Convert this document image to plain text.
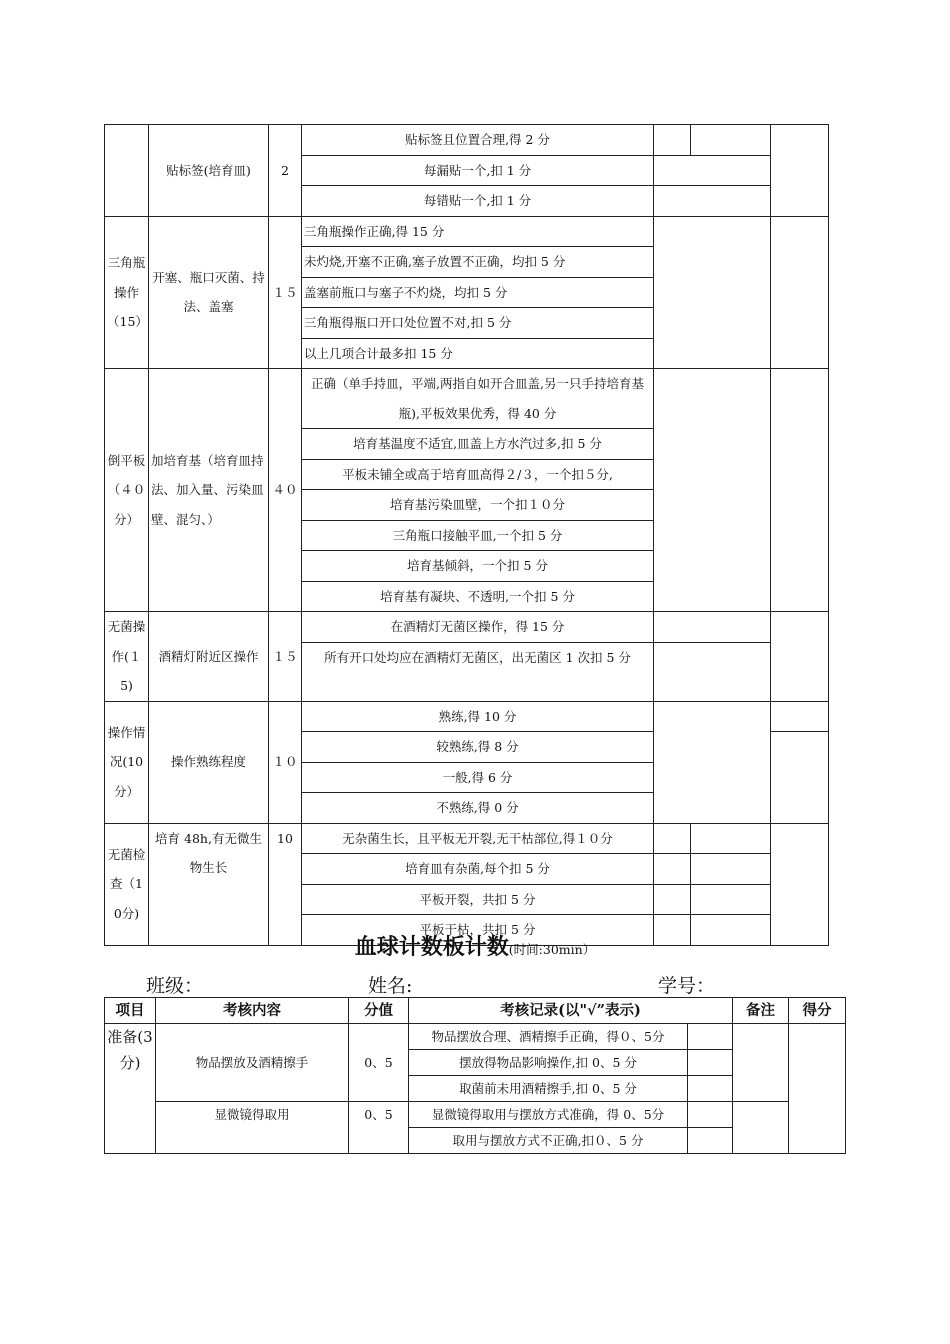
	贴标签(培育皿)	2	贴标签且位置合理,得 2 分			
			每漏贴一个,扣 1 分			
			每错贴一个,扣 1 分			
三角瓶操作（15）	开塞、瓶口灭菌、持法、盖塞	１５	三角瓶操作正确,得 15 分			
			未灼烧,开塞不正确,塞子放置不正确，均扣 5 分			
			盖塞前瓶口与塞子不灼烧，均扣 5 分			
			三角瓶得瓶口开口处位置不对,扣 5 分			
			以上几项合计最多扣 15 分			
倒平板（４０分）	加培育基（培育皿持法、加入量、污染皿壁、混匀、）	４０	正确（单手持皿，平端,两指自如开合皿盖,另一只手持培育基瓶),平板效果优秀，得 40 分			

			培育基温度不适宜,皿盖上方水汽过多,扣 5 分			
			平板未铺全或高于培育皿高得２/３，一个扣５分,			
			培育基污染皿壁，一个扣１０分			
			三角瓶口接触平皿,一个扣 5 分			
			培育基倾斜，一个扣 5 分			
			培育基有凝块、不透明,一个扣 5 分			
无菌操作(１5)	酒精灯附近区操作	１５	在酒精灯无菌区操作，得 15 分			
			所有开口处均应在酒精灯无菌区，出无菌区 1 次扣 5 分			

操作情况(10分）	操作熟练程度	１０	熟练,得 10 分			
			较熟练,得 8 分			
			一般,得 6 分			
			不熟练,得 0 分			
无菌检查（10分)	培育 48h,有无微生物生长	10	无杂菌生长，且平板无开裂,无干枯部位,得１０分			
			培育皿有杂菌,每个扣 5 分			
			平板开裂，共扣 5 分			
			平板干枯，共扣 5 分			
血球计数板计数(时间:30min）
班级：	姓名:	学号：
项目	考核内容	分值	考核记录(以"√”表示)		备注	得分
准备(3分)	物品摆放及酒精擦手	0、5	物品摆放合理、酒精擦手正确，得０、5分			
			摆放得物品影响操作,扣 0、5 分			
			取菌前未用酒精擦手,扣 0、5 分			
	显微镜得取用	0、5	显微镜得取用与摆放方式准确，得 0、5分			

			取用与摆放方式不正确,扣０、5 分			
